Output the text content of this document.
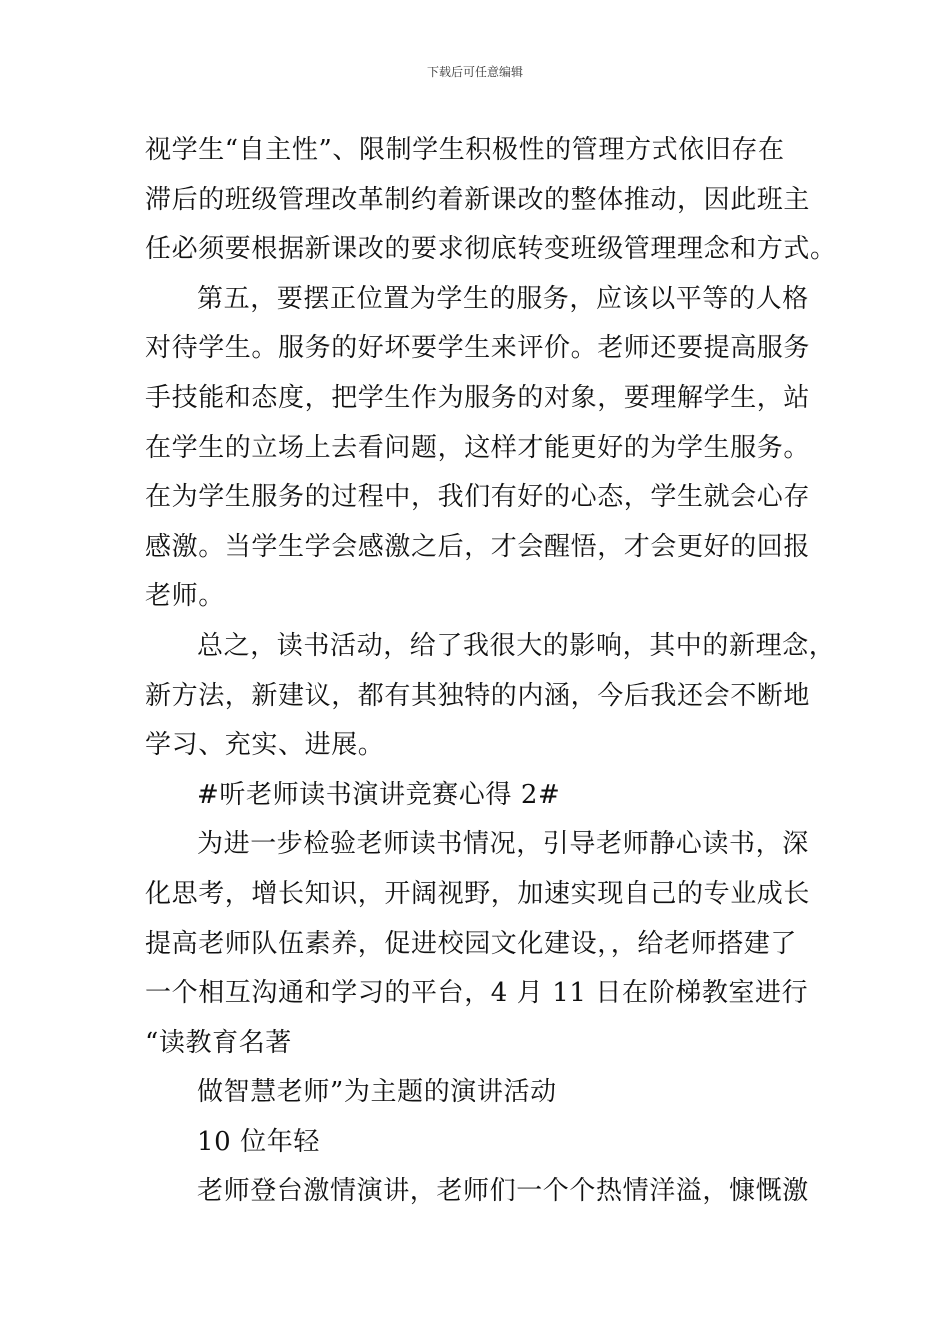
下载后可任意编辑
视学生“自主性”、限制学生积极性的管理方式依旧存在
滞后的班级管理改革制约着新课改的整体推动，因此班主
任必须要根据新课改的要求彻底转变班级管理理念和方式。
第五，要摆正位置为学生的服务，应该以平等的人格
对待学生。服务的好坏要学生来评价。老师还要提高服务
手技能和态度，把学生作为服务的对象，要理解学生，站
在学生的立场上去看问题，这样才能更好的为学生服务。
在为学生服务的过程中，我们有好的心态，学生就会心存
感激。当学生学会感激之后，才会醒悟，才会更好的回报
老师。
总之，读书活动，给了我很大的影响，其中的新理念，
新方法，新建议，都有其独特的内涵，今后我还会不断地
学习、充实、进展。
#听老师读书演讲竞赛心得 2#
为进一步检验老师读书情况，引导老师静心读书，深
化思考，增长知识，开阔视野，加速实现自己的专业成长
提高老师队伍素养，促进校园文化建设，，给老师搭建了
一个相互沟通和学习的平台，4 月 11 日在阶梯教室进行
“读教育名著
做智慧老师”为主题的演讲活动
10 位年轻
老师登台激情演讲，老师们一个个热情洋溢，慷慨激
